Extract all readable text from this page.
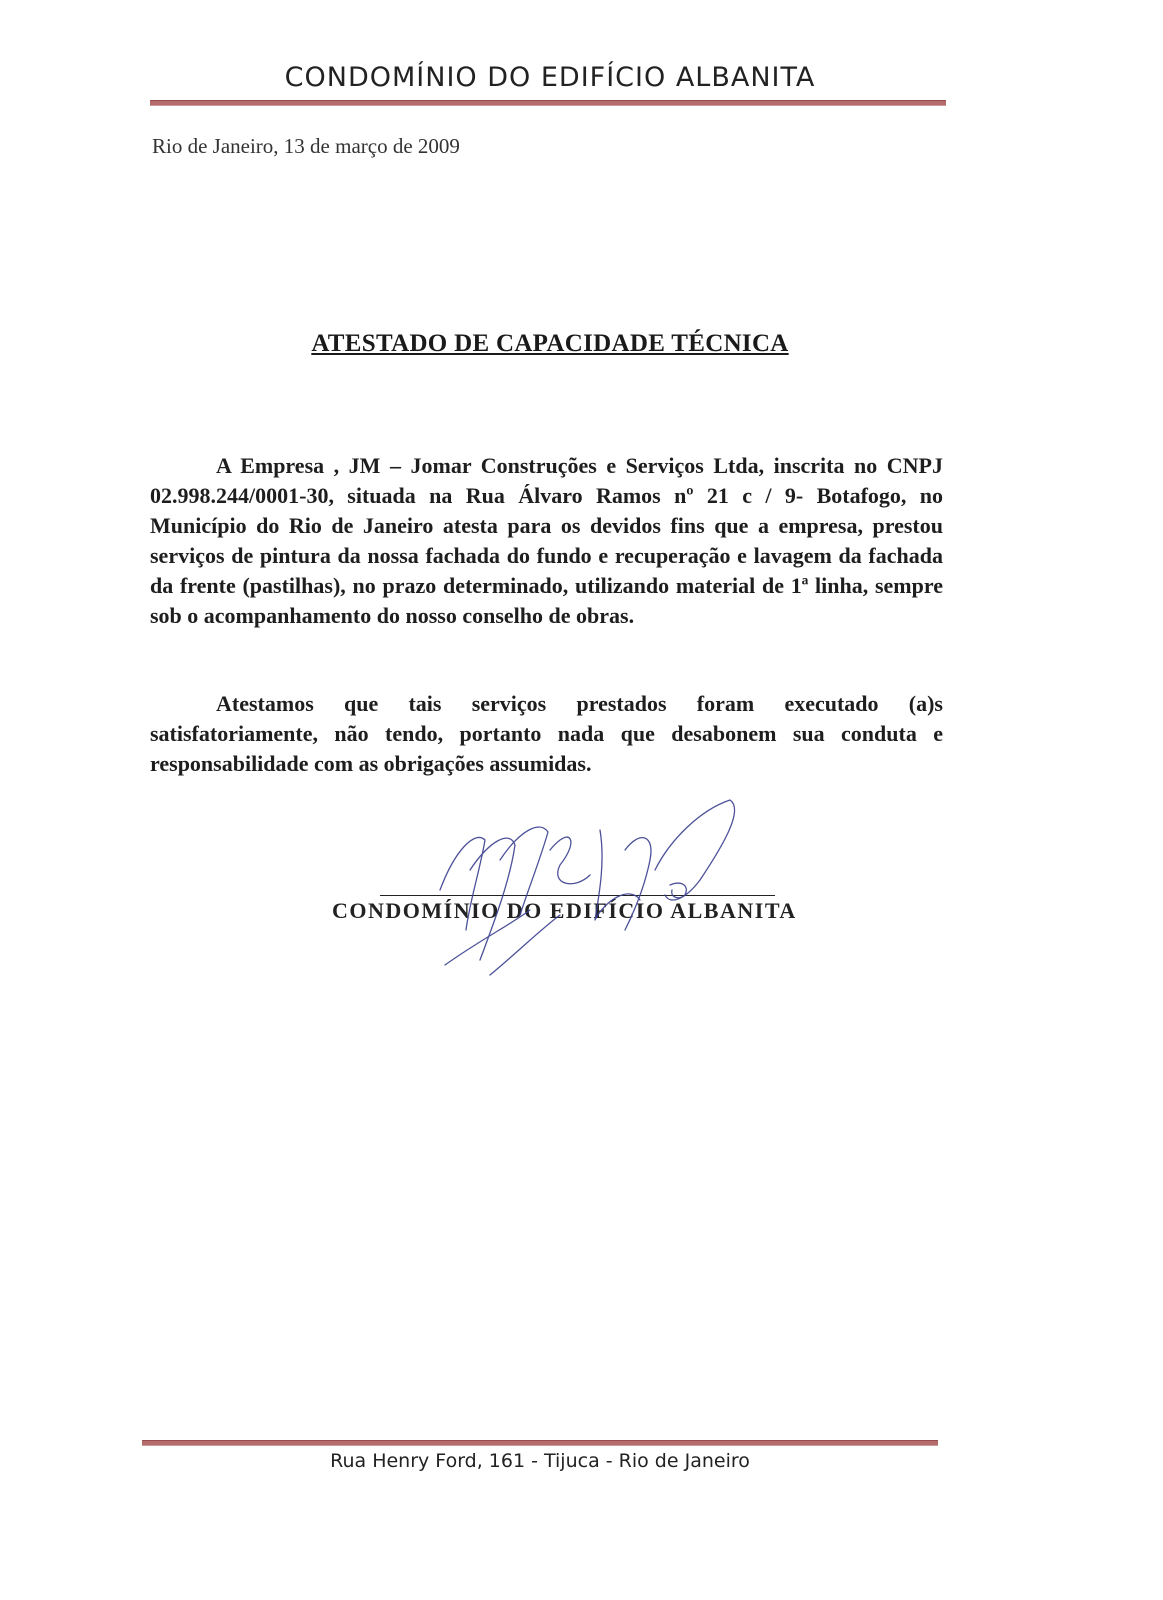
CONDOMÍNIO DO EDIFÍCIO ALBANITA
Rio de Janeiro, 13 de março de 2009
ATESTADO DE CAPACIDADE TÉCNICA
A Empresa , JM – Jomar Construções e Serviços Ltda, inscrita no CNPJ 02.998.244/0001-30, situada na Rua Álvaro Ramos nº 21 c / 9- Botafogo, no Município do Rio de Janeiro atesta para os devidos fins que a empresa, prestou serviços de pintura da nossa fachada do fundo e recuperação e lavagem da fachada da frente (pastilhas), no prazo determinado, utilizando material de 1ª linha, sempre sob o acompanhamento do nosso conselho de obras.
Atestamos que tais serviços prestados foram executado (a)s satisfatoriamente, não tendo, portanto nada que desabonem sua conduta e responsabilidade com as obrigações assumidas.
CONDOMÍNIO DO EDIFÍCIO ALBANITA
Rua Henry Ford, 161 - Tijuca - Rio de Janeiro
